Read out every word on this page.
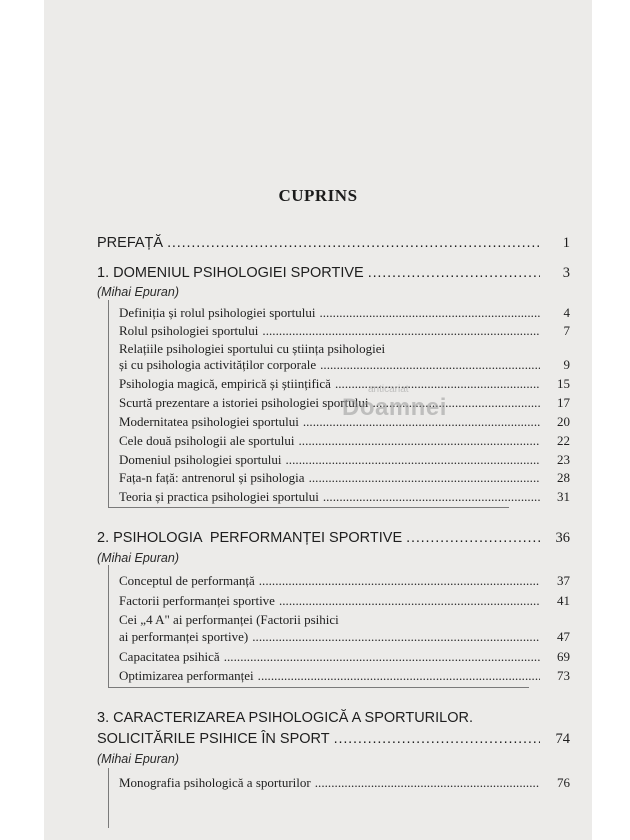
CUPRINS
PREFAȚĂ . . .	1
1. DOMENIUL PSIHOLOGIEI SPORTIVE . . .	3
(Mihai Epuran)
Definiția și rolul psihologiei sportului . . .	4
Rolul psihologiei sportului . . .	7
Relațiile psihologiei sportului cu știința psihologiei
și cu psihologia activităților corporale . . .	9
Psihologia magică, empirică și științifică . . .	15
Scurtă prezentare a istoriei psihologiei sportului . . .	17
Modernitatea psihologiei sportului . . .	20
Cele două psihologii ale sportului . . .	22
Domeniul psihologiei sportului . . .	23
Fața-n față: antrenorul și psihologia . . .	28
Teoria și practica psihologiei sportului . . .	31
2. PSIHOLOGIA  PERFORMANȚEI SPORTIVE . . .	36
(Mihai Epuran)
Conceptul de performanță . . .	37
Factorii performanței sportive . . .	41
Cei „4 A" ai performanței (Factorii psihici
ai performanței sportive) . . .	47
Capacitatea psihică . . .	69
Optimizarea performanței . . .	73
3. CARACTERIZAREA PSIHOLOGICĂ A SPORTURILOR.
SOLICITĂRILE PSIHICE ÎN SPORT . . .	74
(Mihai Epuran)
Monografia psihologică a sporturilor . . .	76
anticariat
Doamnei
